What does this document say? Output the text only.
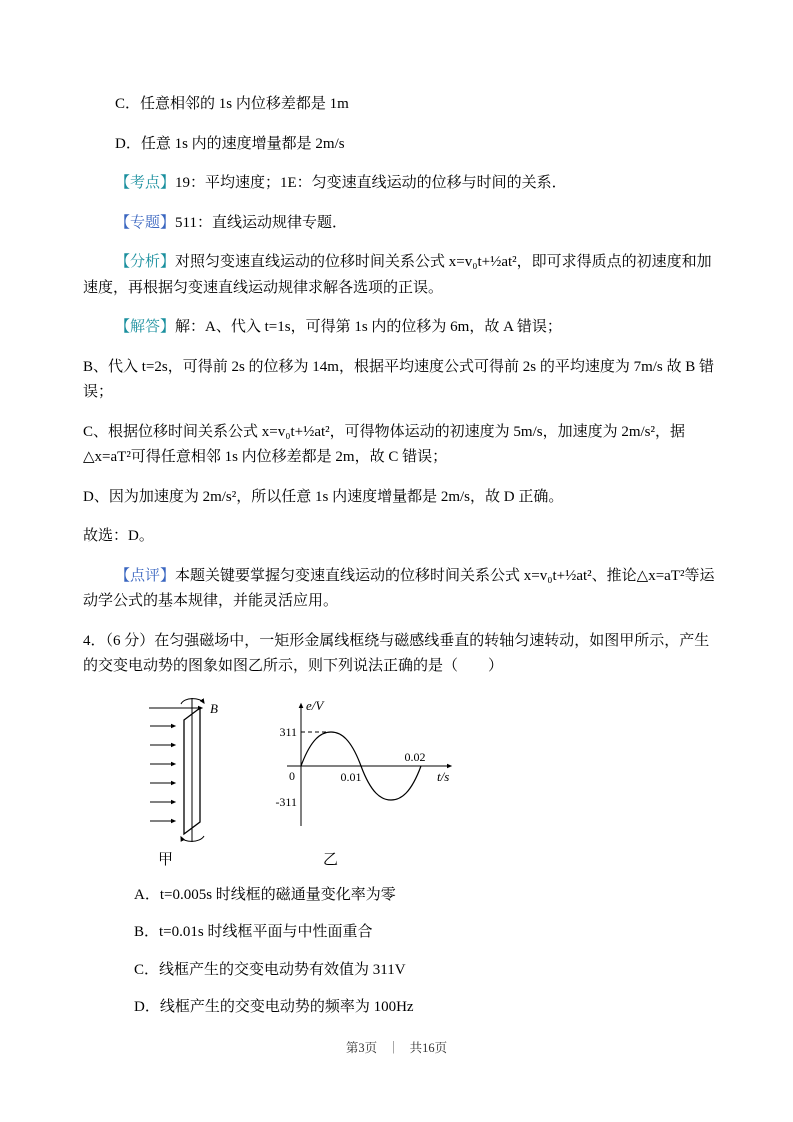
C．任意相邻的 1s 内位移差都是 1m

D．任意 1s 内的速度增量都是 2m/s

【考点】19：平均速度；1E：匀变速直线运动的位移与时间的关系．

【专题】511：直线运动规律专题．

【分析】对照匀变速直线运动的位移时间关系公式 x=v₀t+½at²，即可求得质点的初速度和加速度，再根据匀变速直线运动规律求解各选项的正误。

【解答】解：A、代入 t=1s，可得第 1s 内的位移为 6m，故 A 错误；

B、代入 t=2s，可得前 2s 的位移为 14m，根据平均速度公式可得前 2s 的平均速度为 7m/s 故 B 错误；

C、根据位移时间关系公式 x=v₀t+½at²，可得物体运动的初速度为 5m/s，加速度为 2m/s²，据△x=aT²可得任意相邻 1s 内位移差都是 2m，故 C 错误；

D、因为加速度为 2m/s²，所以任意 1s 内速度增量都是 2m/s，故 D 正确。

故选：D。

【点评】本题关键要掌握匀变速直线运动的位移时间关系公式 x=v₀t+½at²、推论△x=aT²等运动学公式的基本规律，并能灵活应用。

4．（6 分）在匀强磁场中，一矩形金属线框绕与磁感线垂直的转轴匀速转动，如图甲所示，产生的交变电动势的图象如图乙所示，则下列说法正确的是（　　）

B
甲
e/V
311
0
-311
0.01
0.02
t/s
乙

A．t=0.005s 时线框的磁通量变化率为零

B．t=0.01s 时线框平面与中性面重合

C．线框产生的交变电动势有效值为 311V

D．线框产生的交变电动势的频率为 100Hz

第3页 ｜ 共16页
